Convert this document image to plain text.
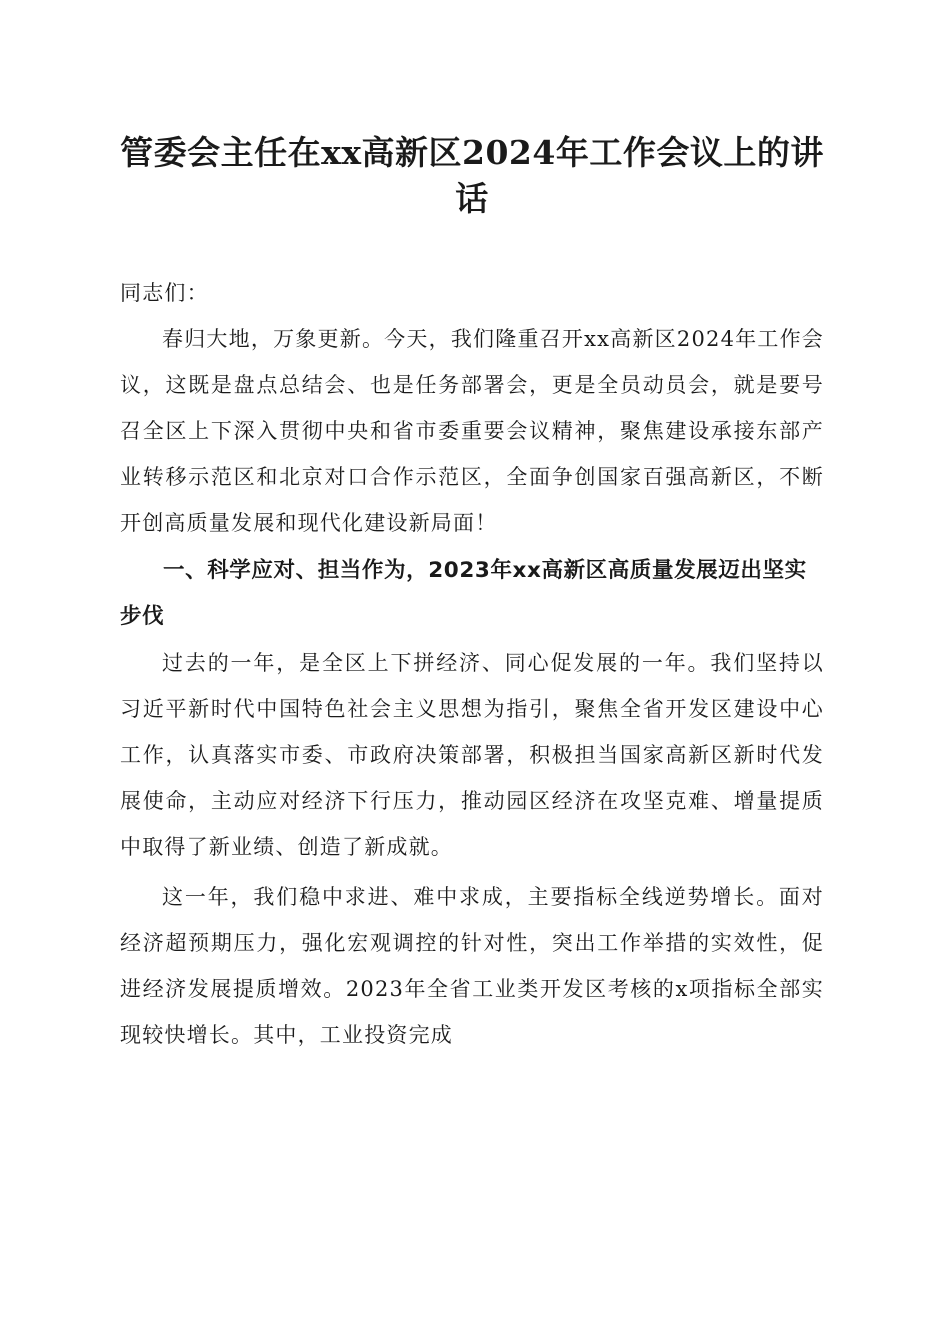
管委会主任在xx高新区2024年工作会议上的讲话

同志们：

春归大地，万象更新。今天，我们隆重召开xx高新区2024年工作会议，这既是盘点总结会、也是任务部署会，更是全员动员会，就是要号召全区上下深入贯彻中央和省市委重要会议精神，聚焦建设承接东部产业转移示范区和北京对口合作示范区，全面争创国家百强高新区，不断开创高质量发展和现代化建设新局面！

一、科学应对、担当作为，2023年xx高新区高质量发展迈出坚实步伐

过去的一年，是全区上下拼经济、同心促发展的一年。我们坚持以习近平新时代中国特色社会主义思想为指引，聚焦全省开发区建设中心工作，认真落实市委、市政府决策部署，积极担当国家高新区新时代发展使命，主动应对经济下行压力，推动园区经济在攻坚克难、增量提质中取得了新业绩、创造了新成就。

这一年，我们稳中求进、难中求成，主要指标全线逆势增长。面对经济超预期压力，强化宏观调控的针对性，突出工作举措的实效性，促进经济发展提质增效。2023年全省工业类开发区考核的x项指标全部实现较快增长。其中，工业投资完成
